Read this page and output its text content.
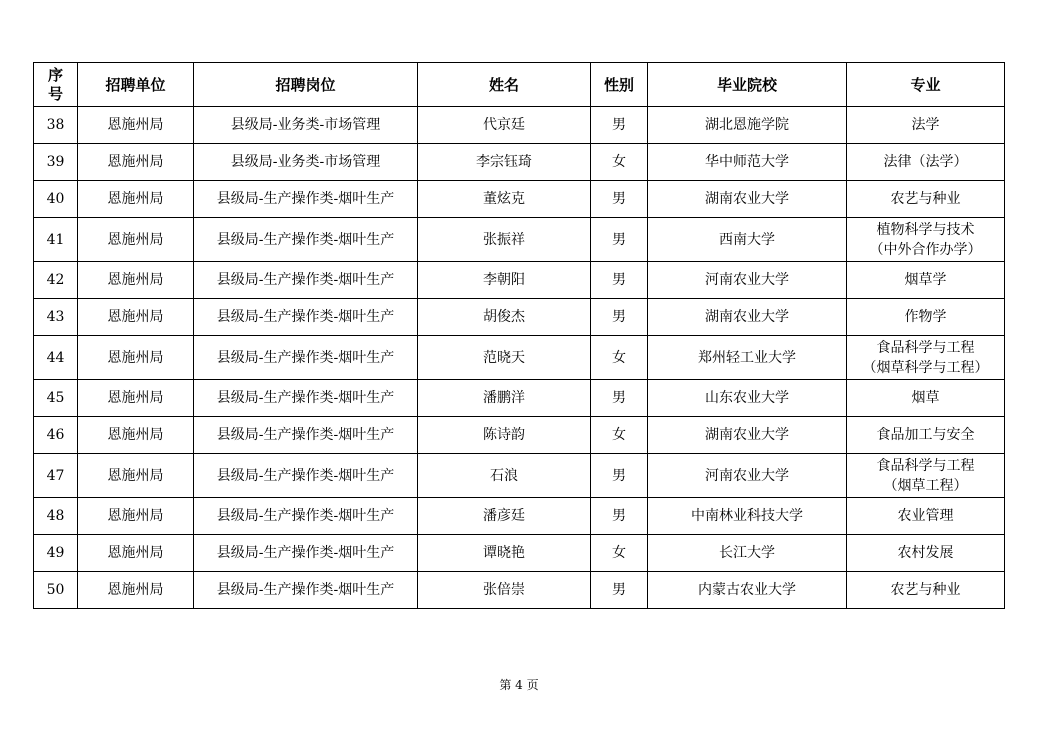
序
号	招聘单位	招聘岗位	姓名	性别	毕业院校	专业
38	恩施州局	县级局-业务类-市场管理	代京廷	男	湖北恩施学院	法学

39	恩施州局	县级局-业务类-市场管理	李宗钰琦	女	华中师范大学	法律（法学）

40	恩施州局	县级局-生产操作类-烟叶生产	董炫克	男	湖南农业大学	农艺与种业

41	恩施州局	县级局-生产操作类-烟叶生产	张振祥	男	西南大学	植物科学与技术
（中外合作办学）

42	恩施州局	县级局-生产操作类-烟叶生产	李朝阳	男	河南农业大学	烟草学

43	恩施州局	县级局-生产操作类-烟叶生产	胡俊杰	男	湖南农业大学	作物学

44	恩施州局	县级局-生产操作类-烟叶生产	范晓天	女	郑州轻工业大学	食品科学与工程
（烟草科学与工程）

45	恩施州局	县级局-生产操作类-烟叶生产	潘鹏洋	男	山东农业大学	烟草

46	恩施州局	县级局-生产操作类-烟叶生产	陈诗韵	女	湖南农业大学	食品加工与安全

47	恩施州局	县级局-生产操作类-烟叶生产	石浪	男	河南农业大学	食品科学与工程
（烟草工程）

48	恩施州局	县级局-生产操作类-烟叶生产	潘彦廷	男	中南林业科技大学	农业管理

49	恩施州局	县级局-生产操作类-烟叶生产	谭晓艳	女	长江大学	农村发展

50	恩施州局	县级局-生产操作类-烟叶生产	张倍崇	男	内蒙古农业大学	农艺与种业
第 4 页
